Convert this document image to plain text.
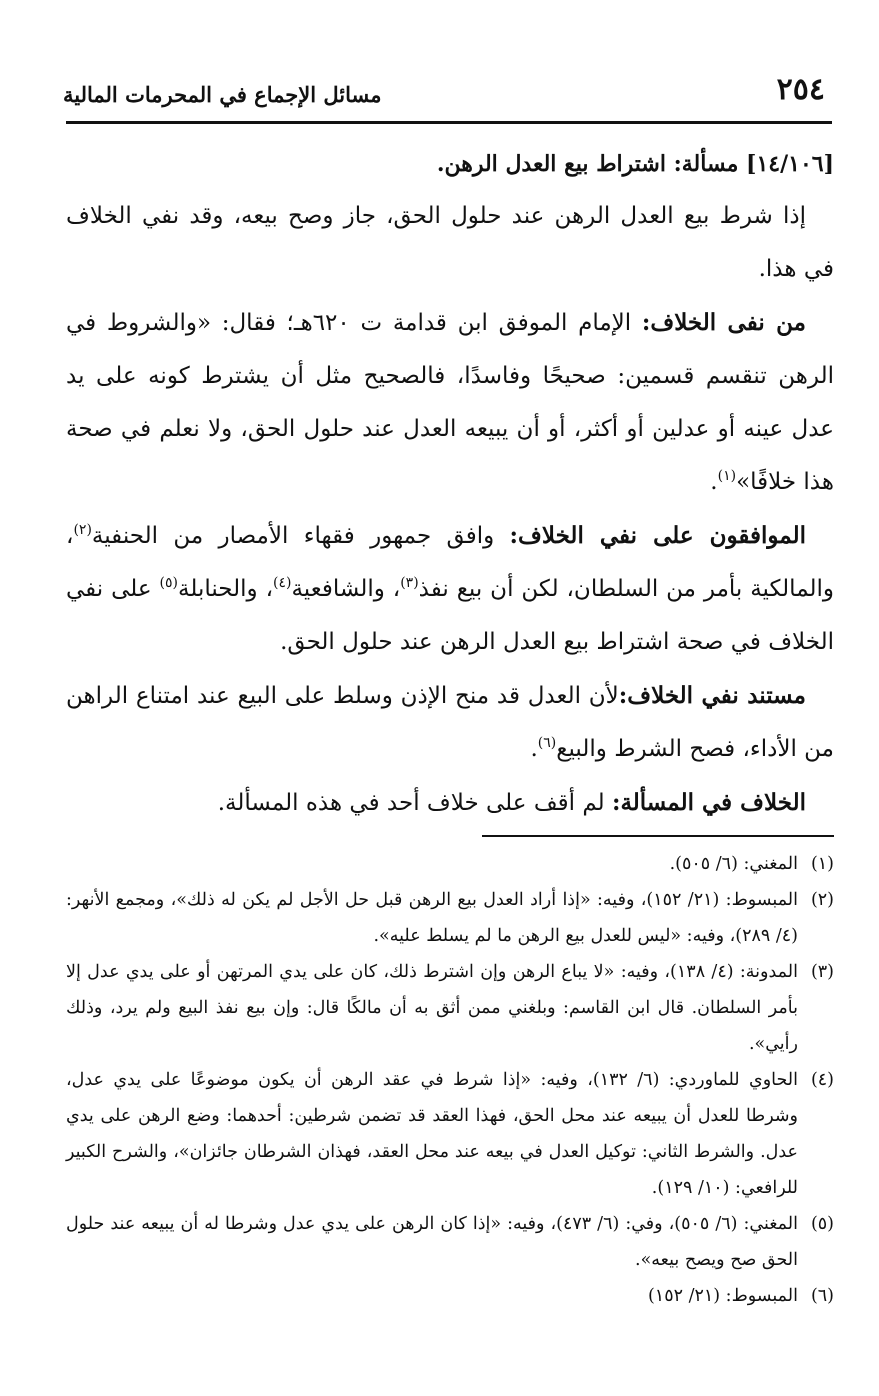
٢٥٤
مسائل الإجماع في المحرمات المالية

[١٤/١٠٦] مسألة: اشتراط بيع العدل الرهن.

إذا شرط بيع العدل الرهن عند حلول الحق، جاز وصح بيعه، وقد نفي الخلاف في هذا.

من نفى الخلاف: الإمام الموفق ابن قدامة ت ٦٢٠هـ؛ فقال: «والشروط في الرهن تنقسم قسمين: صحيحًا وفاسدًا، فالصحيح مثل أن يشترط كونه على يد عدل عينه أو عدلين أو أكثر، أو أن يبيعه العدل عند حلول الحق، ولا نعلم في صحة هذا خلافًا»$^{(١)}$.

الموافقون على نفي الخلاف: وافق جمهور فقهاء الأمصار من الحنفية$^{(٢)}$، والمالكية بأمر من السلطان، لكن أن بيع نفذ$^{(٣)}$، والشافعية$^{(٤)}$، والحنابلة$^{(٥)}$ على نفي الخلاف في صحة اشتراط بيع العدل الرهن عند حلول الحق.

مستند نفي الخلاف:لأن العدل قد منح الإذن وسلط على البيع عند امتناع الراهن من الأداء، فصح الشرط والبيع$^{(٦)}$.

الخلاف في المسألة: لم أقف على خلاف أحد في هذه المسألة.

(١)
المغني: (٦/ ٥٠٥).

(٢)
المبسوط: (٢١/ ١٥٢)، وفيه: «إذا أراد العدل بيع الرهن قبل حل الأجل لم يكن له ذلك»، ومجمع الأنهر: (٤/ ٢٨٩)، وفيه: «ليس للعدل بيع الرهن ما لم يسلط عليه».

(٣)
المدونة: (٤/ ١٣٨)، وفيه: «لا يباع الرهن وإن اشترط ذلك، كان على يدي المرتهن أو على يدي عدل إلا بأمر السلطان. قال ابن القاسم: وبلغني ممن أثق به أن مالكًا قال: وإن بيع نفذ البيع ولم يرد، وذلك رأيي».

(٤)
الحاوي للماوردي: (٦/ ١٣٢)، وفيه: «إذا شرط في عقد الرهن أن يكون موضوعًا على يدي عدل، وشرطا للعدل أن يبيعه عند محل الحق، فهذا العقد قد تضمن شرطين: أحدهما: وضع الرهن على يدي عدل. والشرط الثاني: توكيل العدل في بيعه عند محل العقد، فهذان الشرطان جائزان»، والشرح الكبير للرافعي: (١٠/ ١٢٩).

(٥)
المغني: (٦/ ٥٠٥)، وفي: (٦/ ٤٧٣)، وفيه: «إذا كان الرهن على يدي عدل وشرطا له أن يبيعه عند حلول الحق صح ويصح بيعه».

(٦)
المبسوط: (٢١/ ١٥٢)
